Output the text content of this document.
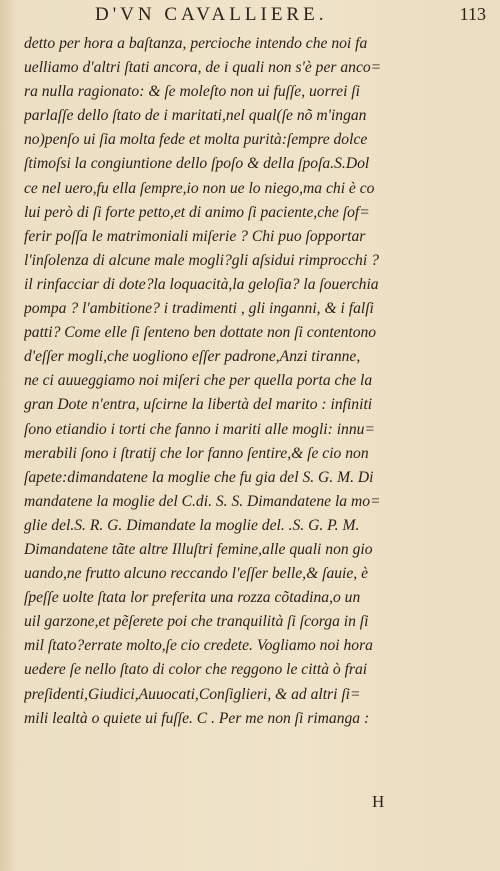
D'VN CAVALLIERE.	113
detto per hora a baſtanza, percioche intendo che noi fa
uelliamo d'altri ſtati ancora, de i quali non s'è per anco=
ra nulla ragionato: & ſe moleſto non ui fuſſe, uorrei ſi
parlaſſe dello ſtato de i maritati,nel qual(ſe nõ m'ingan
no)penſo ui ſia molta fede et molta purità:ſempre dolce
ſtimoſsi la congiuntione dello ſpoſo & della ſpoſa.S.Dol
ce nel uero,fu ella ſempre,io non ue lo niego,ma chi è co
lui però di ſi forte petto,et di animo ſi paciente,che ſof=
ferir poſſa le matrimoniali miſerie ? Chi puo ſopportar
l'inſolenza di alcune male mogli?gli aſsidui rimprocchi ?
il rinfacciar di dote?la loquacità,la geloſia? la ſouerchia
pompa ? l'ambitione? i tradimenti , gli inganni, & i falſi
patti? Come elle ſi ſenteno ben dottate non ſi contentono
d'eſſer mogli,che uogliono eſſer padrone,Anzi tiranne,
ne ci auueggiamo noi miſeri che per quella porta che la
gran Dote n'entra, uſcirne la libertà del marito : infiniti
ſono etiandio i torti che fanno i mariti alle mogli: innu=
merabili ſono i ſtratij che lor fanno ſentire,& ſe cio non
ſapete:dimandatene la moglie che fu gia del S. G. M. Di
mandatene la moglie del C.di. S. S. Dimandatene la mo=
glie del.S. R. G. Dimandate la moglie del. .S. G. P. M.
Dimandatene tãte altre Illuſtri femine,alle quali non gio
uando,ne frutto alcuno reccando l'eſſer belle,& ſauie, è
ſpeſſe uolte ſtata lor preferita una rozza cõtadina,o un
uil garzone,et pẽſerete poi che tranquilità ſi ſcorga in ſi
mil ſtato?errate molto,ſe cio credete. Vogliamo noi hora
uedere ſe nello ſtato di color che reggono le città ò frai
preſidenti,Giudici,Auuocati,Conſiglieri, & ad altri ſi=
mili lealtà o quiete ui fuſſe. C . Per me non ſi rimanga :
H
